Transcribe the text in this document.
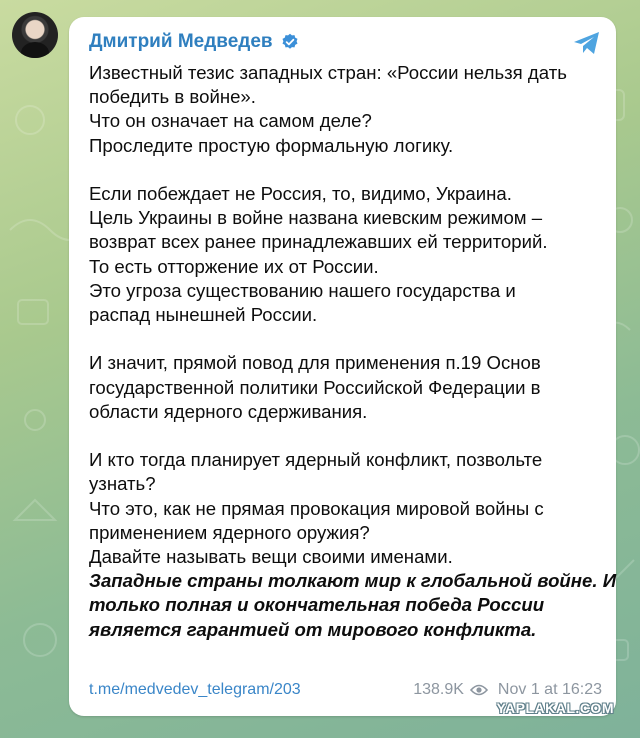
Дмитрий Медведев
Известный тезис западных стран: «России нельзя дать
победить в войне».
Что он означает на самом деле?
Проследите простую формальную логику.
Если побеждает не Россия, то, видимо, Украина.
Цель Украины в войне названа киевским режимом –
возврат всех ранее принадлежавших ей территорий.
То есть отторжение их от России.
Это угроза существованию нашего государства и
распад нынешней России.
И значит, прямой повод для применения п.19 Основ
государственной политики Российской Федерации в
области ядерного сдерживания.
И кто тогда планирует ядерный конфликт, позвольте
узнать?
Что это, как не прямая провокация мировой войны с
применением ядерного оружия?
Давайте называть вещи своими именами.
Западные страны толкают мир к глобальной войне. И
только полная и окончательная победа России
является гарантией от мирового конфликта.
t.me/medvedev_telegram/203	138.9K Nov 1 at 16:23
YAPLAKAL.COM
